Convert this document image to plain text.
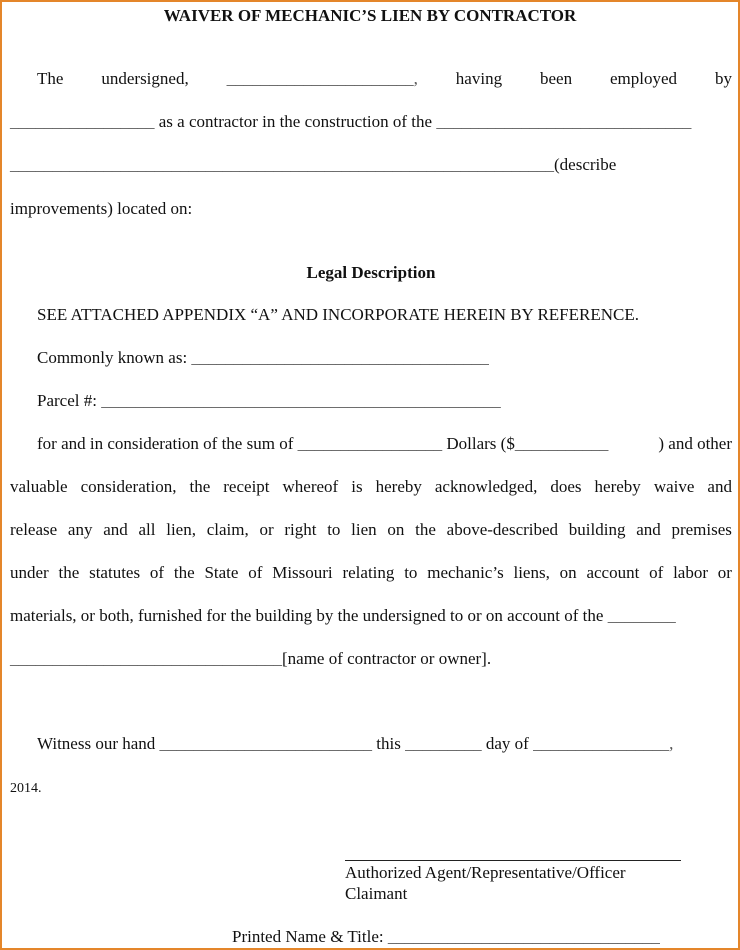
WAIVER OF MECHANIC’S LIEN BY CONTRACTOR
The undersigned, ______________________, having been employed by
_________________ as a contractor in the construction of the ______________________________
________________________________________________________________(describe
improvements) located on:
Legal Description
SEE ATTACHED APPENDIX “A” AND INCORPORATE HEREIN BY REFERENCE.
Commonly known as: ___________________________________
Parcel #: _______________________________________________
for and in consideration of the sum of _________________ Dollars ($___________	) and other
valuable consideration, the receipt whereof is hereby acknowledged, does hereby waive and
release any and all lien, claim, or right to lien on the above-described building and premises
under the statutes of the State of Missouri relating to mechanic’s liens, on account of labor or
materials, or both, furnished for the building by the undersigned to or on account of the ________
________________________________[name of contractor or owner].
Witness our hand _________________________ this _________ day of ________________,
2014.
Authorized Agent/Representative/Officer
Claimant
Printed Name & Title: ________________________________
